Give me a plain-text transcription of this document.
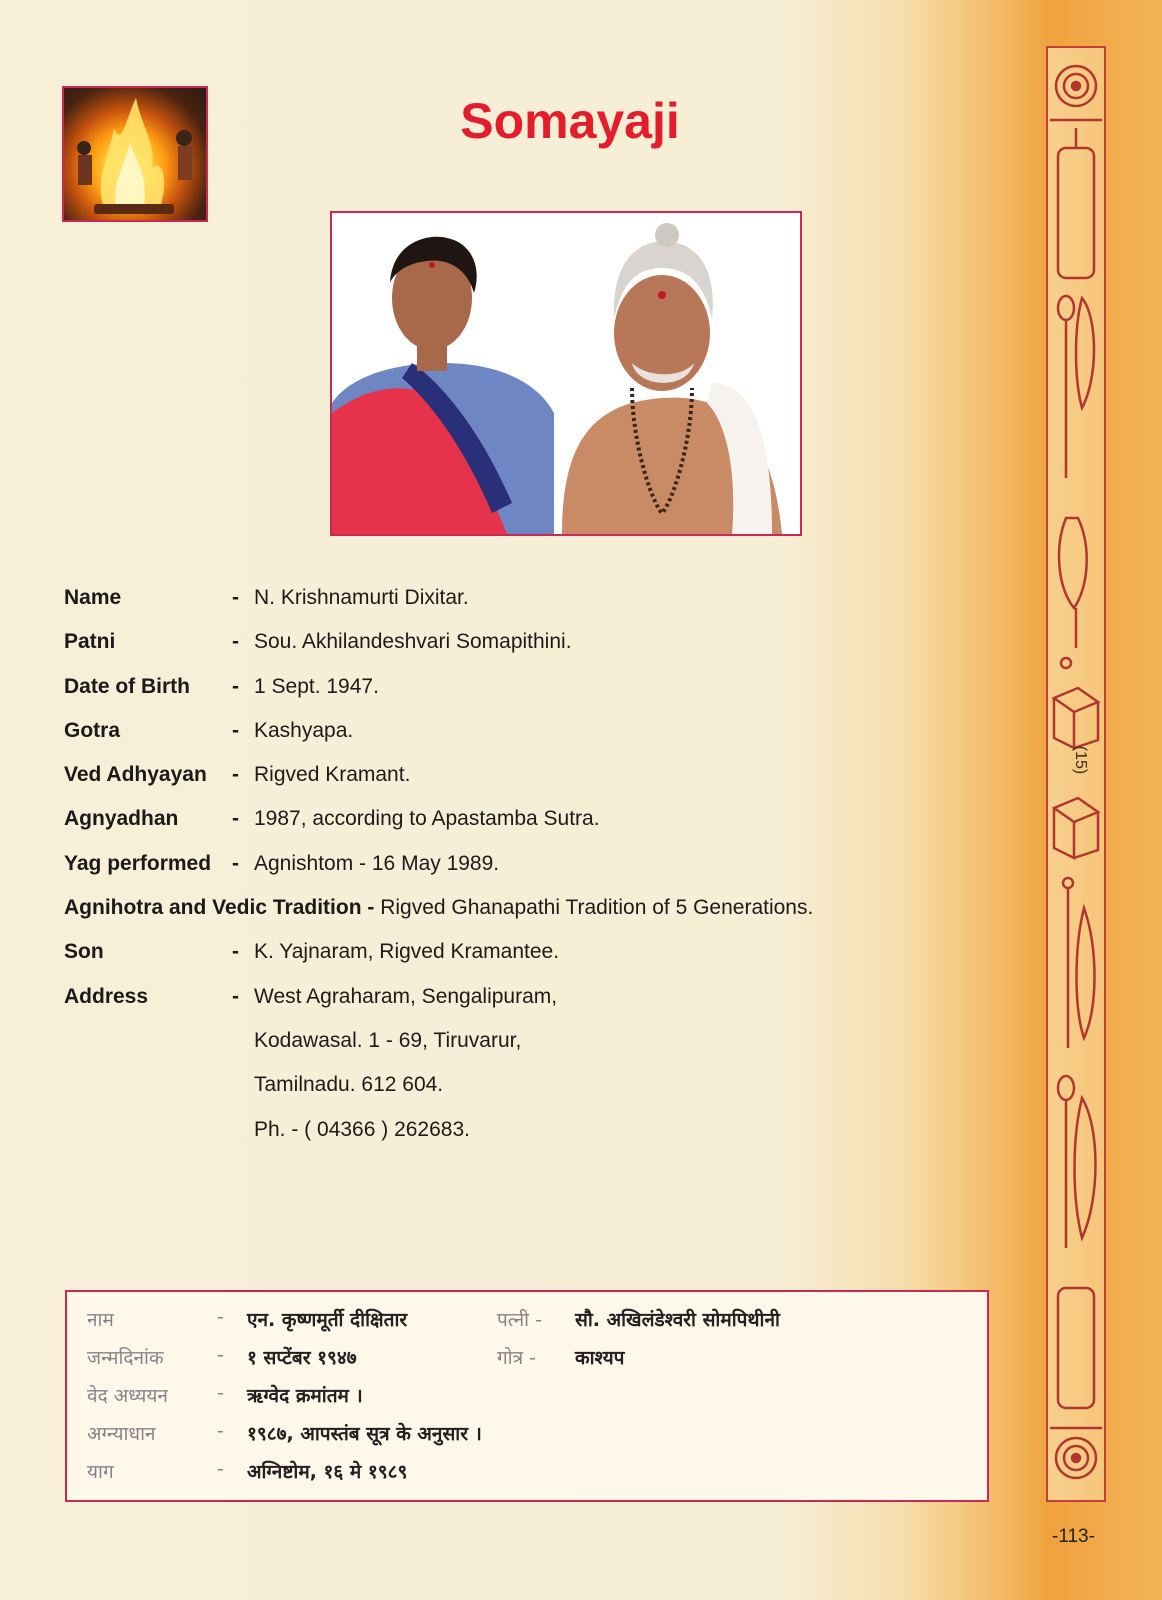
Somayaji
Name	- N. Krishnamurti Dixitar.
Patni	- Sou. Akhilandeshvari Somapithini.
Date of Birth - 1 Sept. 1947.
Gotra	- Kashyapa.
Ved Adhyayan - Rigved Kramant.
Agnyadhan	- 1987, according to Apastamba Sutra.
Yag performed - Agnishtom - 16 May 1989.
Agnihotra and Vedic Tradition - Rigved Ghanapathi Tradition of 5 Generations.
Son	- K. Yajnaram, Rigved Kramantee.
Address	- West Agraharam, Sengalipuram,
Kodawasal. 1 - 69, Tiruvarur,
Tamilnadu. 612 604.
Ph. - ( 04366 ) 262683.
नाम	- एन. कृष्णमूर्ती दीक्षितार	पत्नी - सौ. अखिलंडेश्वरी सोमपिथीनी
जन्मदिनांक	- १ सप्टेंबर १९४७	गोत्र - काश्यप
वेद अध्ययन	- ऋग्वेद क्रमांतम ।
अग्न्याधान	- १९८७, आपस्तंब सूत्र के अनुसार ।
याग	- अग्निष्टोम, १६ मे १९८९
(15)
-113-
